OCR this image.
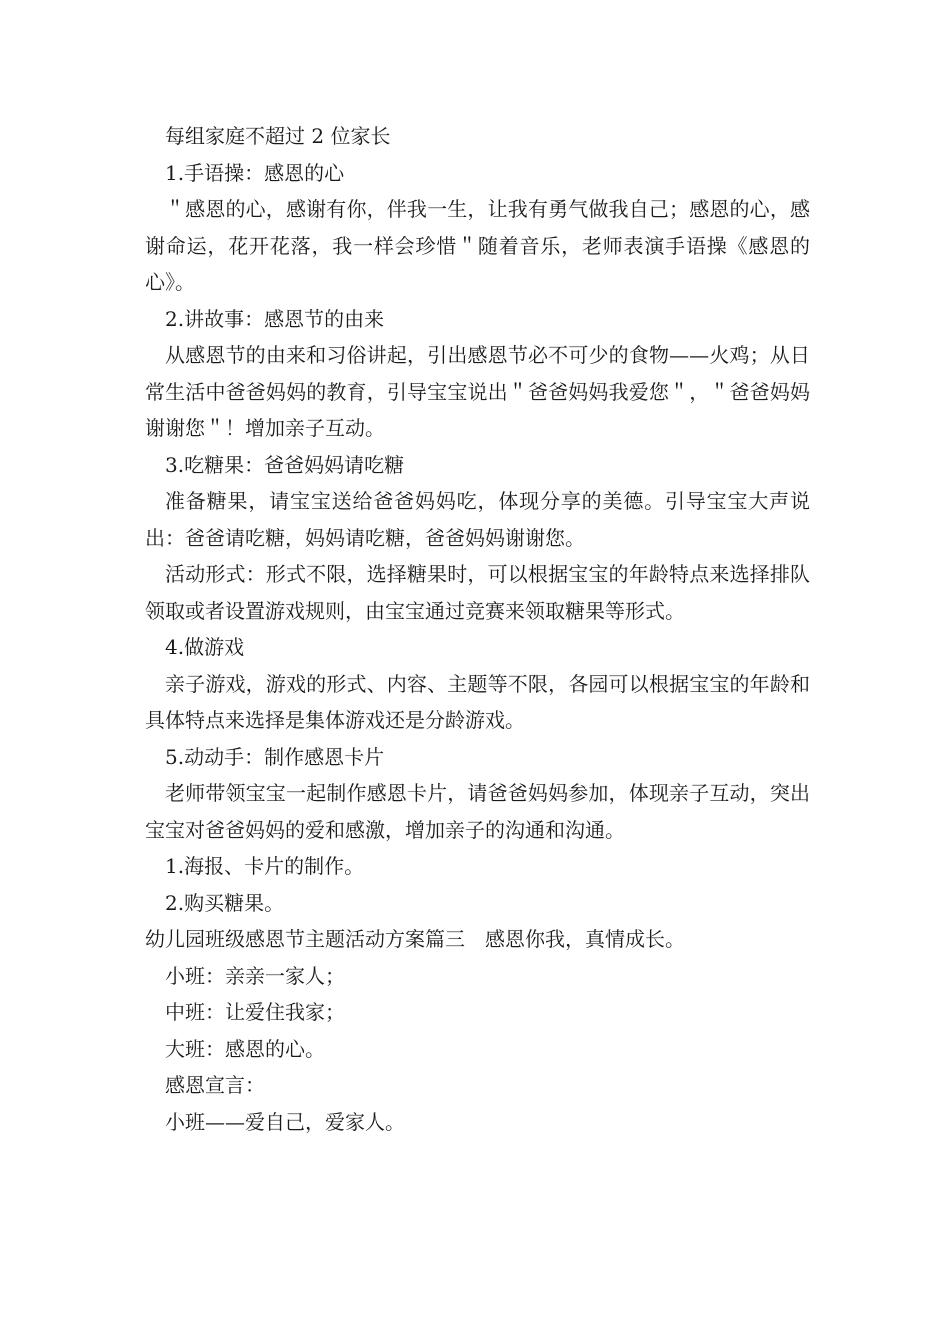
每组家庭不超过 2 位家长

1.手语操：感恩的心

＂感恩的心，感谢有你，伴我一生，让我有勇气做我自己；感恩的心，感谢命运，花开花落，我一样会珍惜＂随着音乐，老师表演手语操《感恩的心》。

2.讲故事：感恩节的由来

从感恩节的由来和习俗讲起，引出感恩节必不可少的食物——火鸡；从日常生活中爸爸妈妈的教育，引导宝宝说出＂爸爸妈妈我爱您＂，＂爸爸妈妈谢谢您＂！增加亲子互动。

3.吃糖果：爸爸妈妈请吃糖

准备糖果，请宝宝送给爸爸妈妈吃，体现分享的美德。引导宝宝大声说出：爸爸请吃糖，妈妈请吃糖，爸爸妈妈谢谢您。

活动形式：形式不限，选择糖果时，可以根据宝宝的年龄特点来选择排队领取或者设置游戏规则，由宝宝通过竞赛来领取糖果等形式。

4.做游戏

亲子游戏，游戏的形式、内容、主题等不限，各园可以根据宝宝的年龄和具体特点来选择是集体游戏还是分龄游戏。

5.动动手：制作感恩卡片

老师带领宝宝一起制作感恩卡片，请爸爸妈妈参加，体现亲子互动，突出宝宝对爸爸妈妈的爱和感激，增加亲子的沟通和沟通。

1.海报、卡片的制作。

2.购买糖果。

幼儿园班级感恩节主题活动方案篇三　感恩你我，真情成长。

小班：亲亲一家人；

中班：让爱住我家；

大班：感恩的心。

感恩宣言：

小班——爱自己，爱家人。
